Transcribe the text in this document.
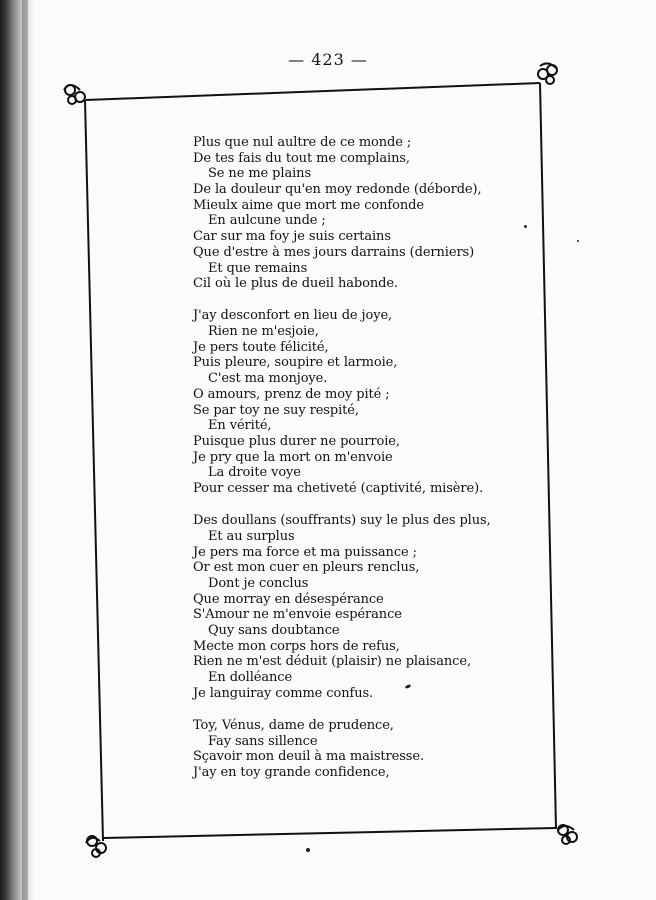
— 423 —
Plus que nul aultre de ce monde ;
De tes fais du tout me complains,
Se ne me plains
De la douleur qu'en moy redonde (déborde),
Mieulx aime que mort me confonde
En aulcune unde ;
Car sur ma foy je suis certains
Que d'estre à mes jours darrains (derniers)
Et que remains
Cil où le plus de dueil habonde.
J'ay desconfort en lieu de joye,
Rien ne m'esjoie,
Je pers toute félicité,
Puis pleure, soupire et larmoie,
C'est ma monjoye.
O amours, prenz de moy pité ;
Se par toy ne suy respité,
En vérité,
Puisque plus durer ne pourroie,
Je pry que la mort on m'envoie
La droite voye
Pour cesser ma chetiveté (captivité, misère).
Des doullans (souffrants) suy le plus des plus,
Et au surplus
Je pers ma force et ma puissance ;
Or est mon cuer en pleurs renclus,
Dont je conclus
Que morray en désespérance
S'Amour ne m'envoie espérance
Quy sans doubtance
Mecte mon corps hors de refus,
Rien ne m'est déduit (plaisir) ne plaisance,
En dolléance
Je languiray comme confus.
Toy, Vénus, dame de prudence,
Fay sans sillence
Sçavoir mon deuil à ma maistresse.
J'ay en toy grande confidence,
